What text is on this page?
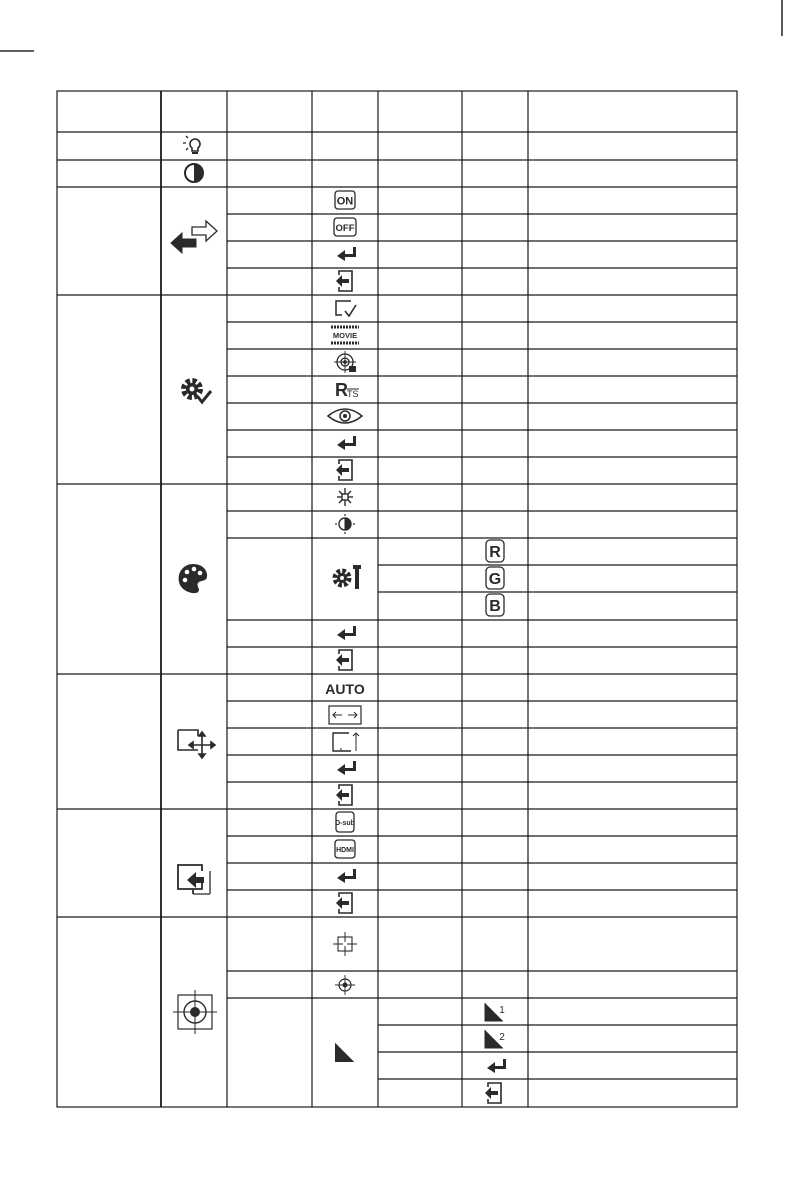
ON
OFF
MOVIE
R TS
AUTO
D-sub
HDMI
R
G
B
1
2
